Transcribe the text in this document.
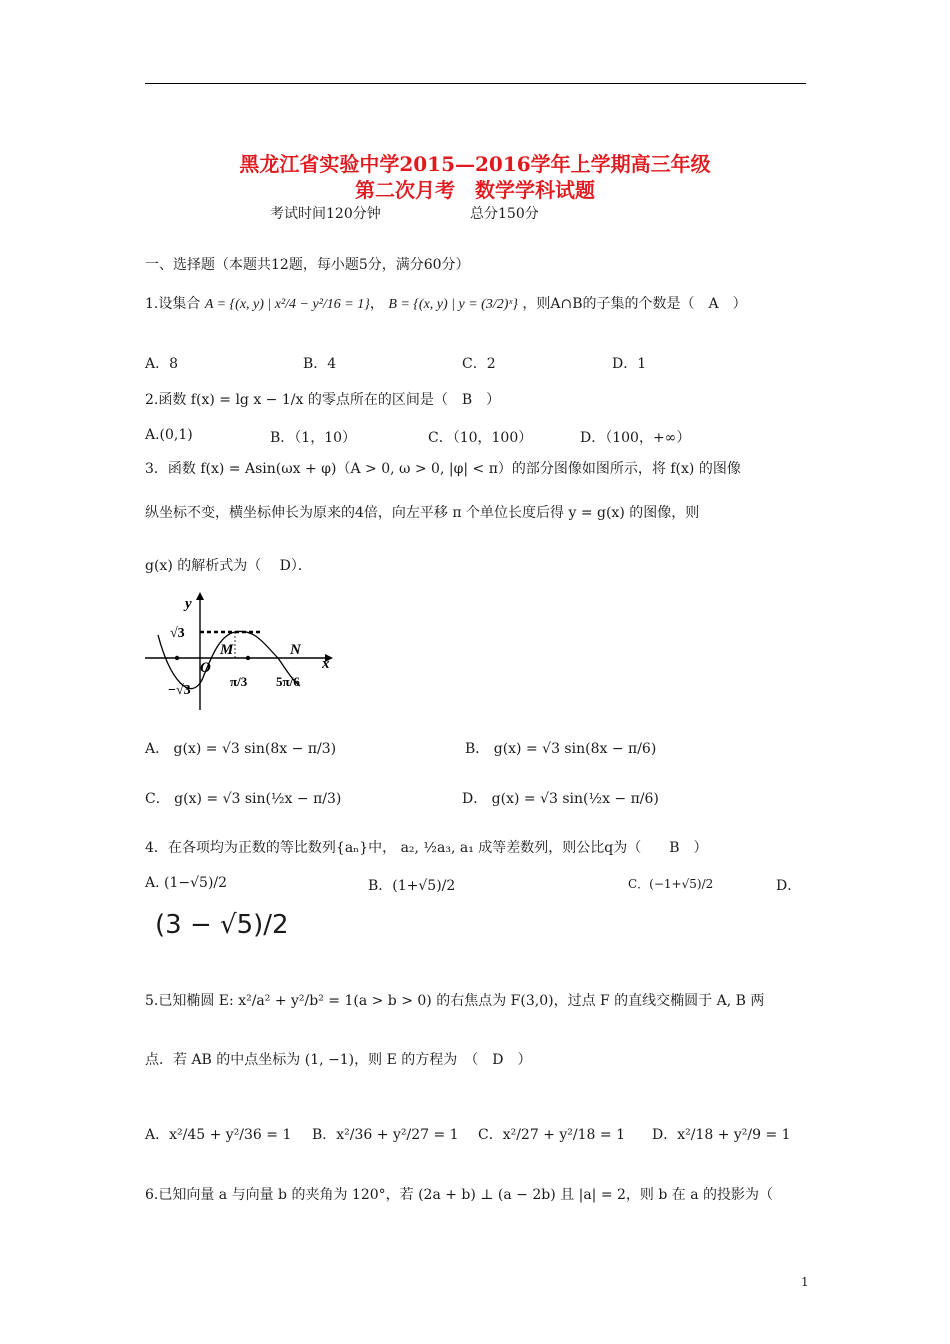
黑龙江省实验中学2015—2016学年上学期高三年级
第二次月考　数学学科试题
考试时间120分钟	总分150分
一、选择题（本题共12题，每小题5分，满分60分）
1.设集合 A = {(x, y) | x²/4 − y²/16 = 1}， B = {(x, y) | y = (3/2)ˣ} ，则A∩B的子集的个数是（　A　）
A．8	B．4	C．2	D．1
2.函数 f(x) = lg x − 1/x 的零点所在的区间是（　B　）
A.(0,1)	B．（1，10）	C．（10，100）	D．（100，+∞）
3．函数 f(x) = Asin(ωx + φ)（A > 0, ω > 0, |φ| < π）的部分图像如图所示，将 f(x) 的图像
纵坐标不变，横坐标伸长为原来的4倍，向左平移 π 个单位长度后得 y = g(x) 的图像，则
g(x) 的解析式为（　 D）．
y
x
√3
−√3
O
M	N
π/3 5π/6
A． g(x) = √3 sin(8x − π/3)	B． g(x) = √3 sin(8x − π/6)
C． g(x) = √3 sin(½x − π/3)	D． g(x) = √3 sin(½x − π/6)
4．在各项均为正数的等比数列{aₙ}中， a₂, ½a₃, a₁ 成等差数列，则公比q为（　　B　）
A. (1−√5)/2	B．(1+√5)/2	C．(−1+√5)/2	D．
(3 − √5)/2
5.已知椭圆 E: x²/a² + y²/b² = 1(a > b > 0) 的右焦点为 F(3,0)，过点 F 的直线交椭圆于 A, B 两
点．若 AB 的中点坐标为 (1, −1)，则 E 的方程为　（　D　）
A．x²/45 + y²/36 = 1 B．x²/36 + y²/27 = 1 C．x²/27 + y²/18 = 1 D．x²/18 + y²/9 = 1
6.已知向量 a 与向量 b 的夹角为 120°，若 (2a + b) ⊥ (a − 2b) 且 |a| = 2，则 b 在 a 的投影为（
1
